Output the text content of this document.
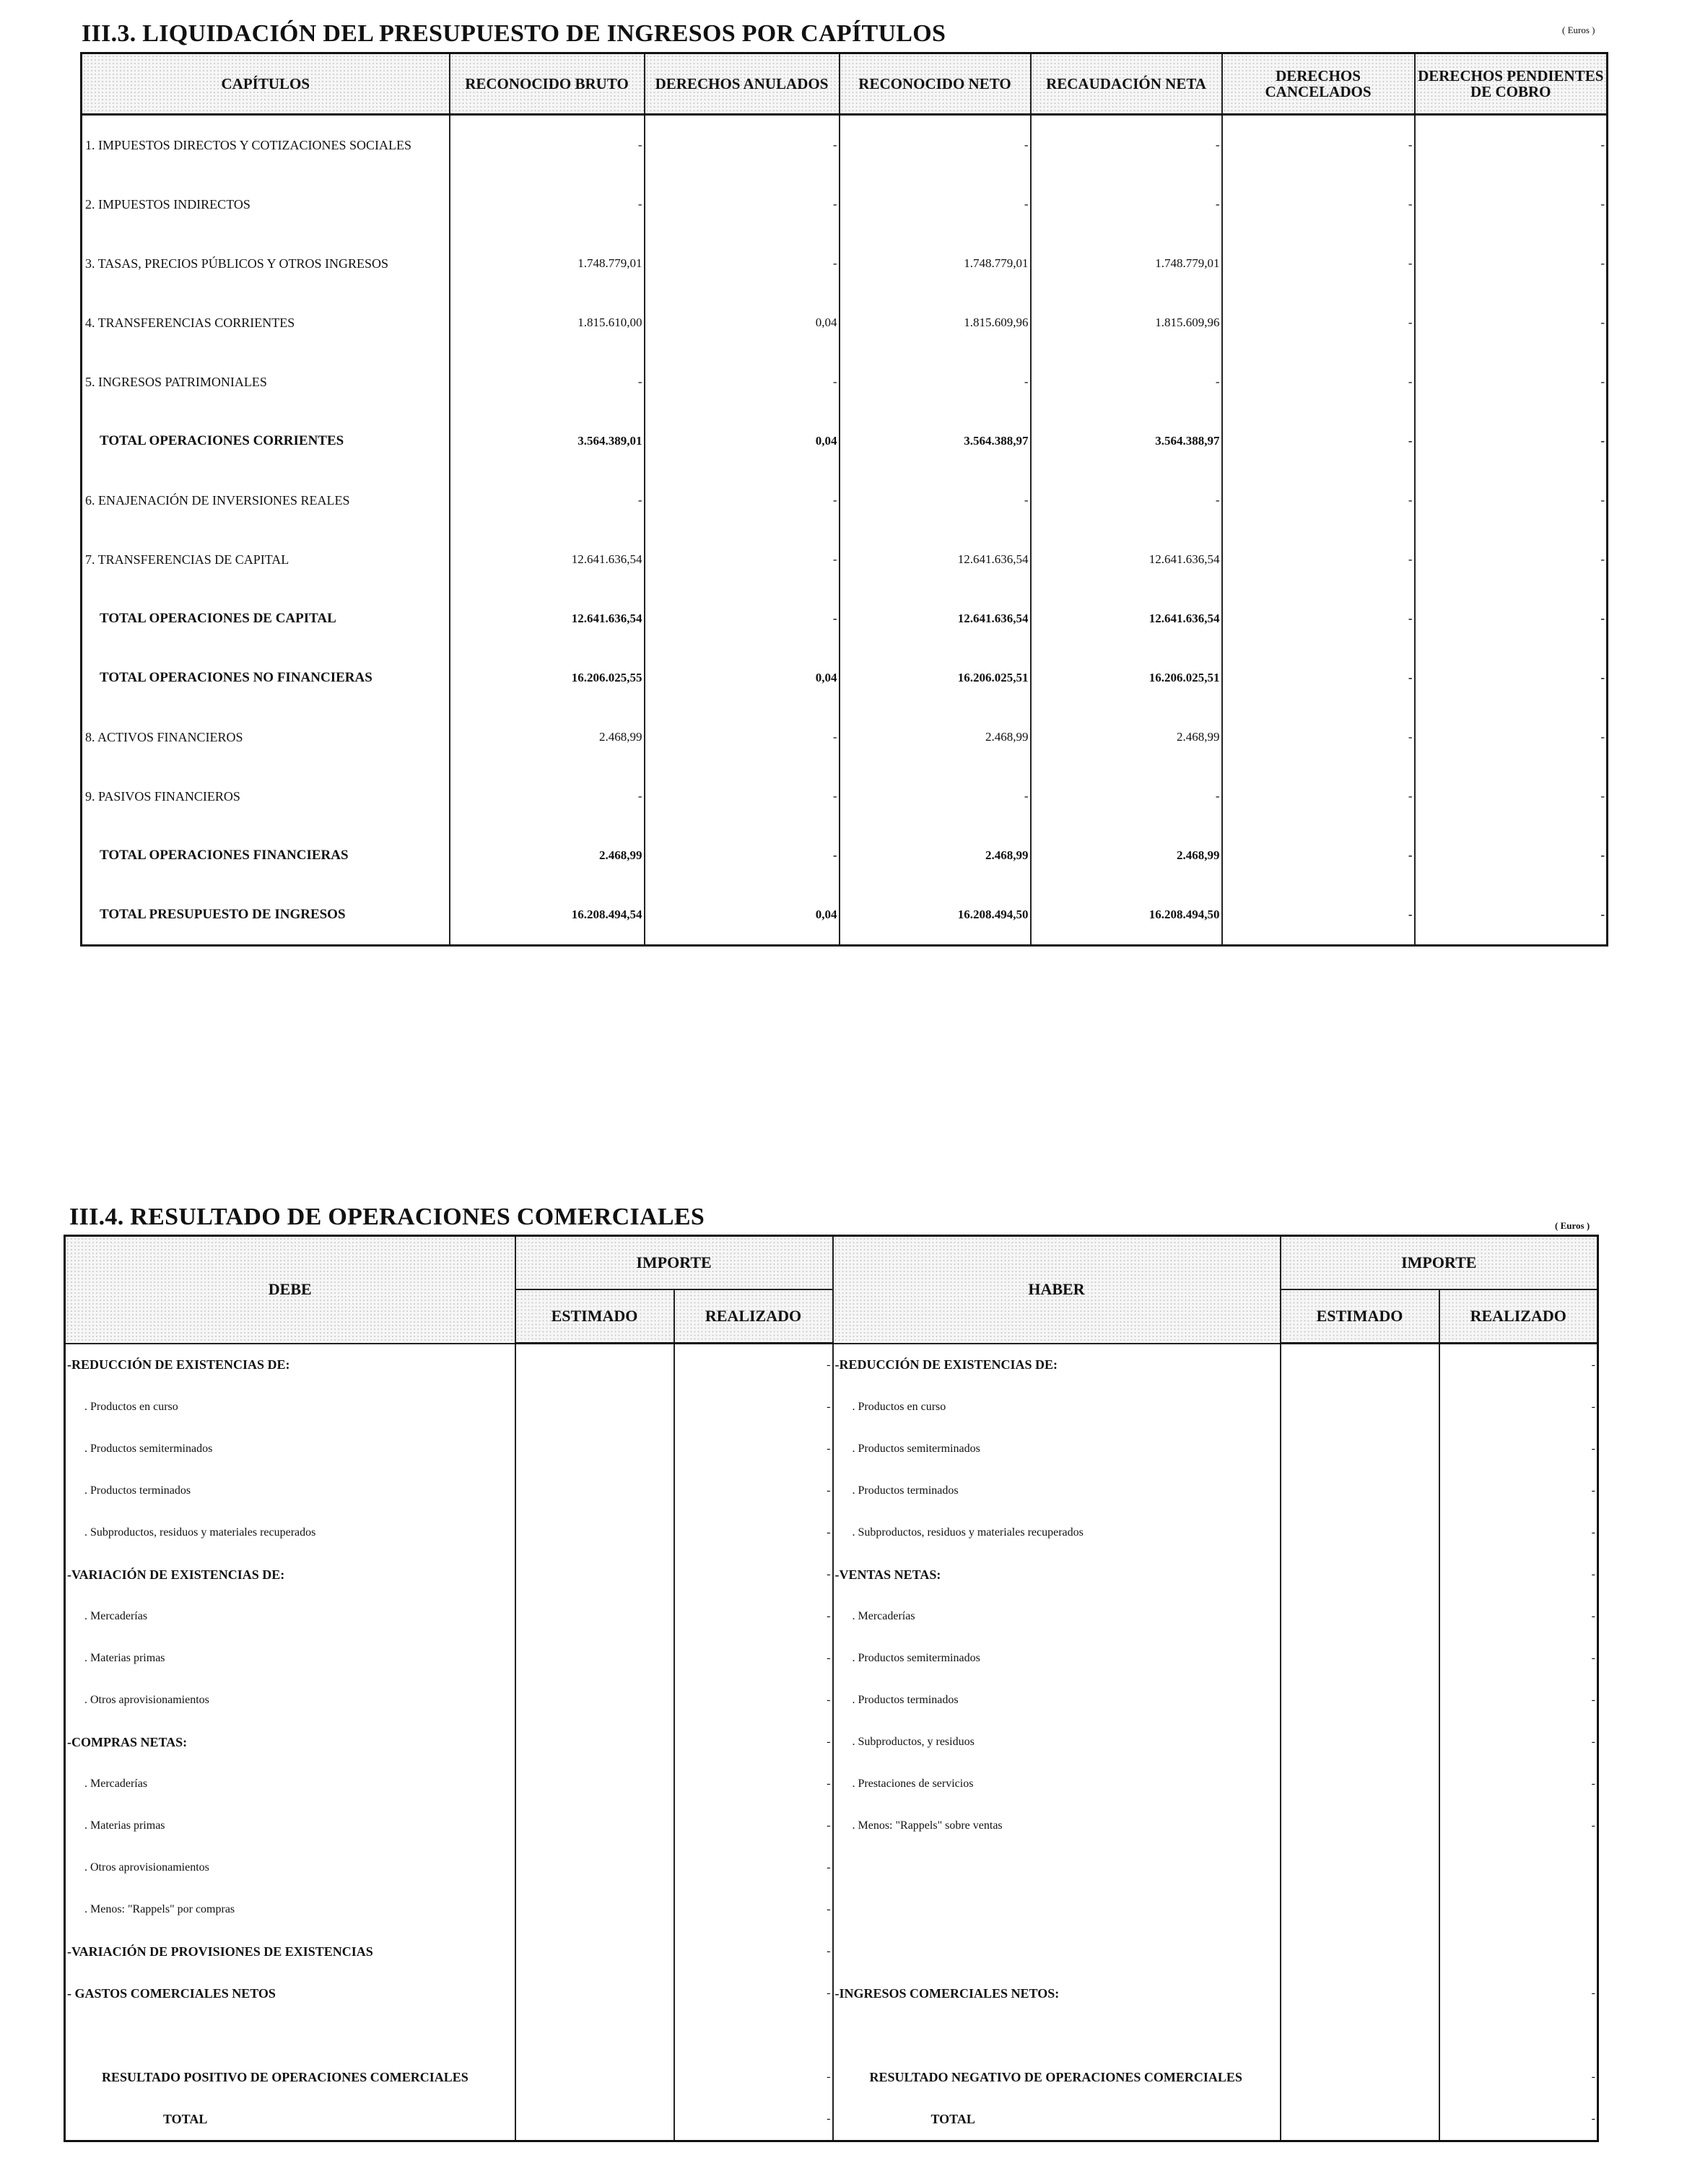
III.3. LIQUIDACIÓN DEL PRESUPUESTO DE INGRESOS POR CAPÍTULOS	( Euros )
CAPÍTULOS	RECONOCIDO BRUTO	DERECHOS ANULADOS	RECONOCIDO NETO	RECAUDACIÓN NETA	DERECHOS CANCELADOS	DERECHOS PENDIENTES DE COBRO
1. IMPUESTOS DIRECTOS Y COTIZACIONES SOCIALES	-	-	-	-	-	-
2. IMPUESTOS INDIRECTOS	-	-	-	-	-	-
3. TASAS, PRECIOS PÚBLICOS Y OTROS INGRESOS	1.748.779,01	-	1.748.779,01	1.748.779,01	-	-
4. TRANSFERENCIAS CORRIENTES	1.815.610,00	0,04	1.815.609,96	1.815.609,96	-	-
5. INGRESOS PATRIMONIALES	-	-	-	-	-	-
TOTAL OPERACIONES CORRIENTES	3.564.389,01	0,04	3.564.388,97	3.564.388,97	-	-
6. ENAJENACIÓN DE INVERSIONES REALES	-	-	-	-	-	-
7. TRANSFERENCIAS DE CAPITAL	12.641.636,54	-	12.641.636,54	12.641.636,54	-	-
TOTAL OPERACIONES DE CAPITAL	12.641.636,54	-	12.641.636,54	12.641.636,54	-	-
TOTAL OPERACIONES NO FINANCIERAS	16.206.025,55	0,04	16.206.025,51	16.206.025,51	-	-
8. ACTIVOS FINANCIEROS	2.468,99	-	2.468,99	2.468,99	-	-
9. PASIVOS FINANCIEROS	-	-	-	-	-	-
TOTAL OPERACIONES FINANCIERAS	2.468,99	-	2.468,99	2.468,99	-	-
TOTAL PRESUPUESTO DE INGRESOS	16.208.494,54	0,04	16.208.494,50	16.208.494,50	-	-
III.4. RESULTADO DE OPERACIONES COMERCIALES	( Euros )
DEBE	IMPORTE		HABER	IMPORTE	
	ESTIMADO	REALIZADO		ESTIMADO	REALIZADO
-REDUCCIÓN DE EXISTENCIAS DE:		-	-REDUCCIÓN DE EXISTENCIAS DE:		-
. Productos en curso		-	. Productos en curso		-
. Productos semiterminados		-	. Productos semiterminados		-
. Productos terminados		-	. Productos terminados		-
. Subproductos, residuos y materiales recuperados		-	. Subproductos, residuos y materiales recuperados		-
-VARIACIÓN DE EXISTENCIAS DE:		-	-VENTAS NETAS:		-
. Mercaderías		-	. Mercaderías		-
. Materias primas		-	. Productos semiterminados		-
. Otros aprovisionamientos		-	. Productos terminados		-
-COMPRAS NETAS:		-	. Subproductos, y residuos		-
. Mercaderías		-	. Prestaciones de servicios		-
. Materias primas		-	. Menos: "Rappels" sobre ventas		-
. Otros aprovisionamientos		-			
. Menos: "Rappels" por compras		-			
-VARIACIÓN DE PROVISIONES DE EXISTENCIAS		-			
- GASTOS COMERCIALES NETOS		-	-INGRESOS COMERCIALES NETOS:		-

RESULTADO POSITIVO DE OPERACIONES COMERCIALES		-	RESULTADO NEGATIVO DE OPERACIONES COMERCIALES		-
TOTAL		-	TOTAL		-
